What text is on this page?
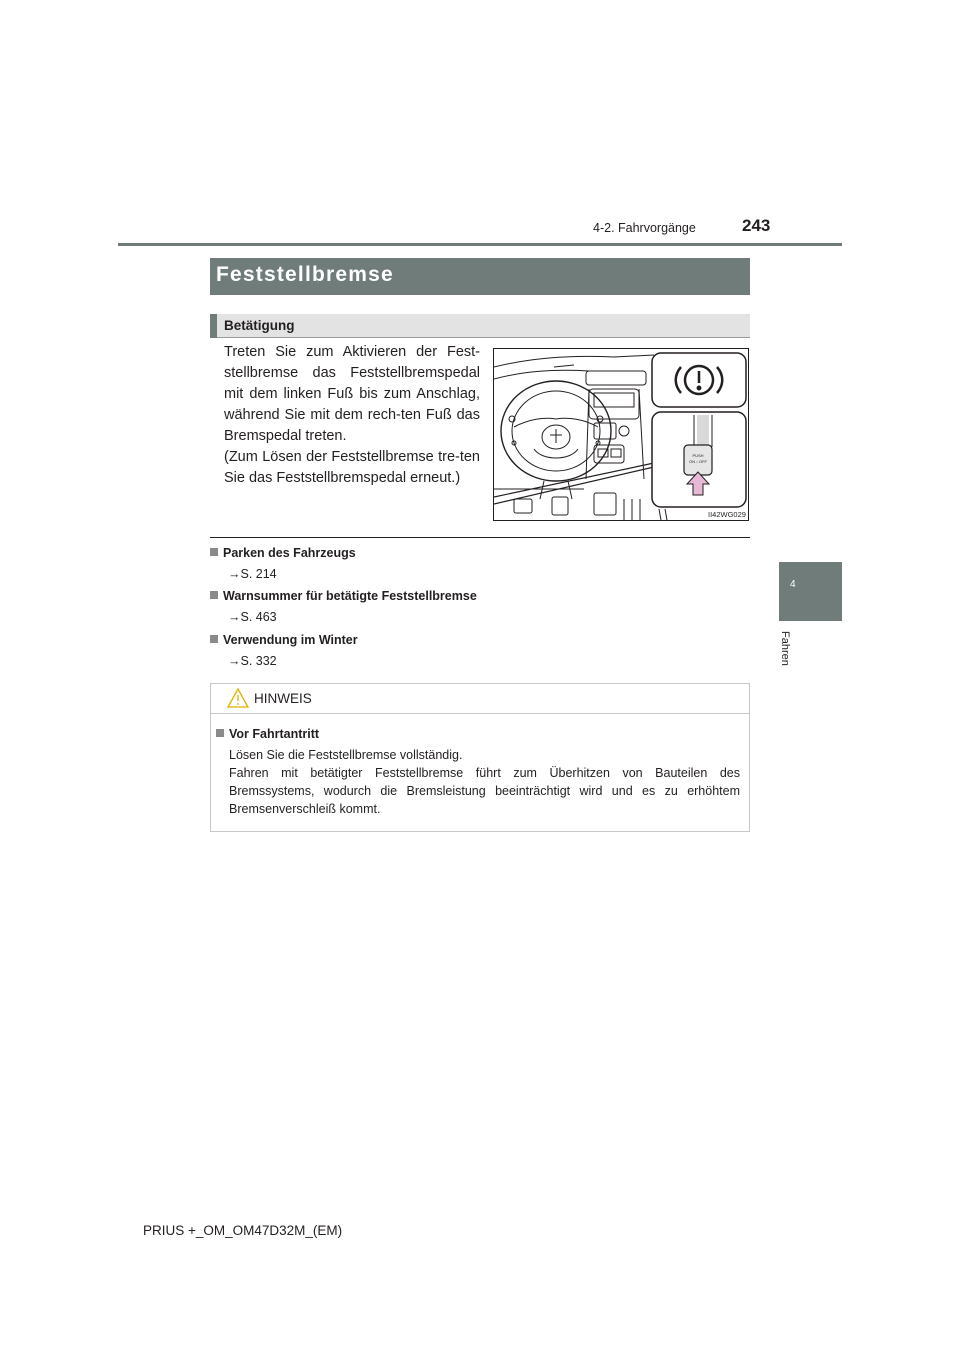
4-2. Fahrvorgänge	243
4
Fahren
Feststellbremse
Betätigung

Treten Sie zum Aktivieren der Fest-stellbremse das Feststellbremspedal mit dem linken Fuß bis zum Anschlag, während Sie mit dem rech-ten Fuß das Bremspedal treten.

(Zum Lösen der Feststellbremse tre-ten Sie das Feststellbremspedal erneut.)

PUSH
ON⇔OFF
II42WG029
Parken des Fahrzeugs
→S. 214
Warnsummer für betätigte Feststellbremse
→S. 463
Verwendung im Winter
→S. 332
HINWEIS
Vor Fahrtantritt

Lösen Sie die Feststellbremse vollständig.

Fahren mit betätigter Feststellbremse führt zum Überhitzen von Bauteilen des Bremssystems, wodurch die Bremsleistung beeinträchtigt wird und es zu erhöhtem Bremsenverschleiß kommt.

PRIUS +_OM_OM47D32M_(EM)
